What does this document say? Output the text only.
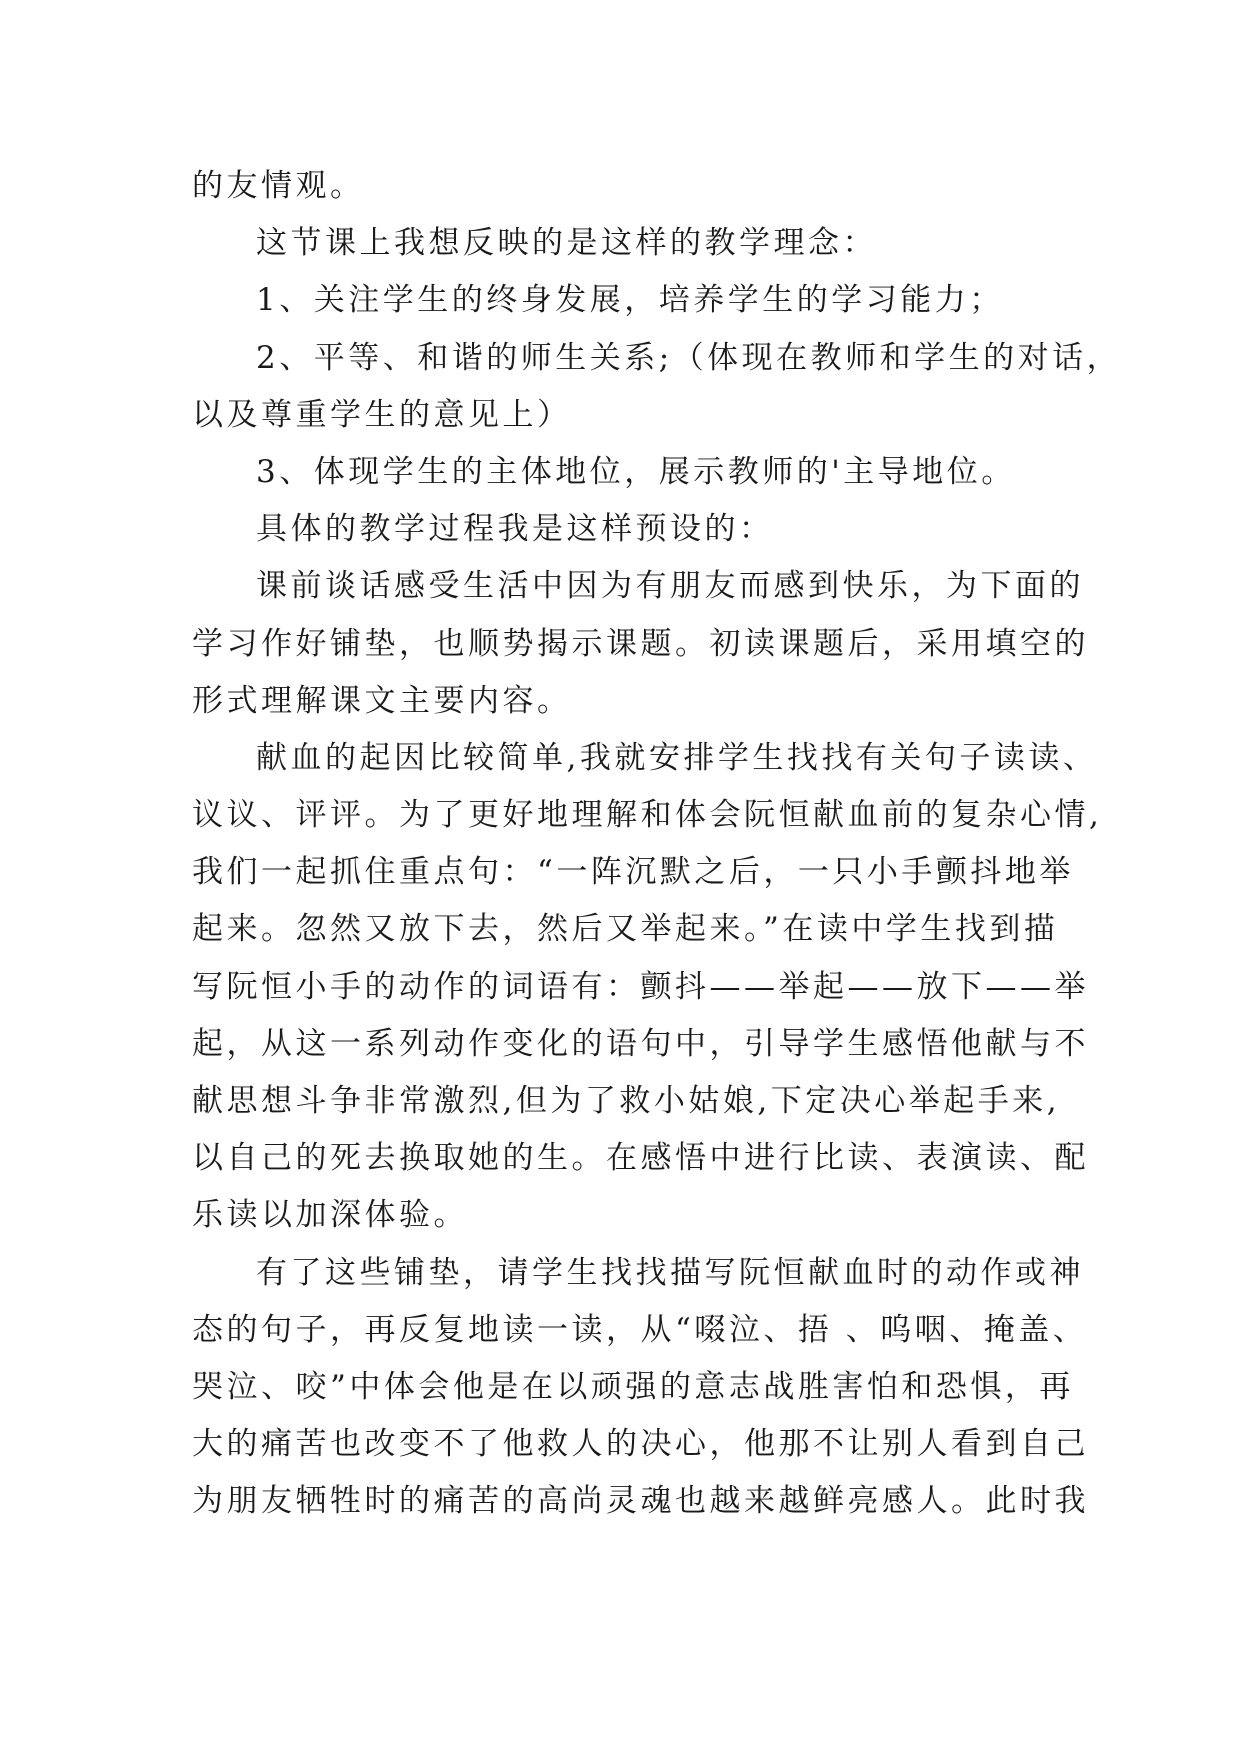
的友情观。
这节课上我想反映的是这样的教学理念：
1、关注学生的终身发展，培养学生的学习能力；
2、平等、和谐的师生关系;（体现在教师和学生的对话，
以及尊重学生的意见上）
3、体现学生的主体地位，展示教师的'主导地位。
具体的教学过程我是这样预设的：
课前谈话感受生活中因为有朋友而感到快乐，为下面的
学习作好铺垫，也顺势揭示课题。初读课题后，采用填空的
形式理解课文主要内容。
献血的起因比较简单,我就安排学生找找有关句子读读、
议议、评评。为了更好地理解和体会阮恒献血前的复杂心情,
我们一起抓住重点句：“一阵沉默之后，一只小手颤抖地举
起来。忽然又放下去，然后又举起来。”在读中学生找到描
写阮恒小手的动作的词语有：颤抖——举起——放下——举
起，从这一系列动作变化的语句中，引导学生感悟他献与不
献思想斗争非常激烈,但为了救小姑娘,下定决心举起手来,
以自己的死去换取她的生。在感悟中进行比读、表演读、配
乐读以加深体验。
有了这些铺垫，请学生找找描写阮恒献血时的动作或神
态的句子，再反复地读一读，从“啜泣、捂 、呜咽、掩盖、
哭泣、咬”中体会他是在以顽强的意志战胜害怕和恐惧，再
大的痛苦也改变不了他救人的决心，他那不让别人看到自己
为朋友牺牲时的痛苦的高尚灵魂也越来越鲜亮感人。此时我
